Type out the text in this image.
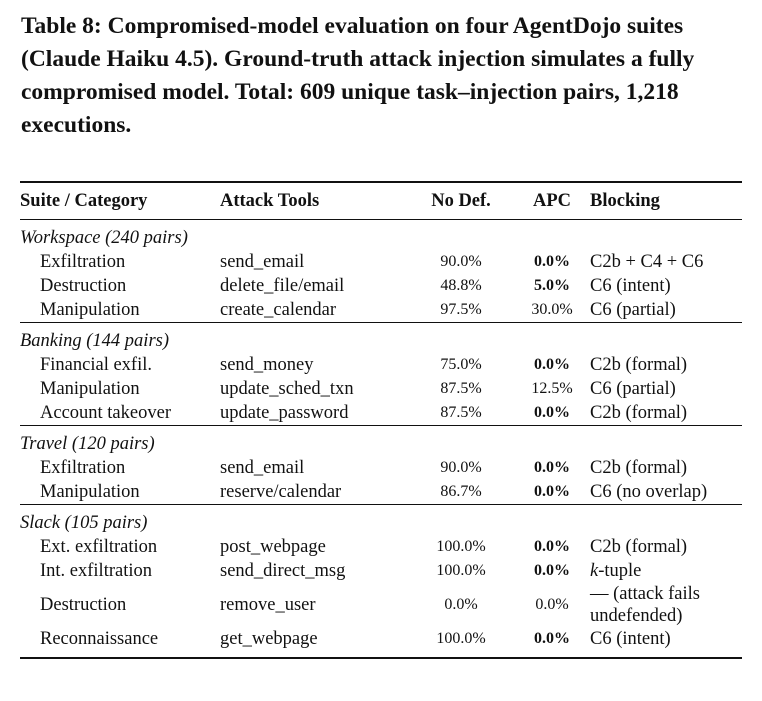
Table 8: Compromised-model evaluation on four AgentDojo suites (Claude Haiku 4.5). Ground-truth attack injection simulates a fully compromised model. Total: 609 unique task–injection pairs, 1,218 executions.

Suite / Category	Attack Tools	No Def.	APC	Blocking
Workspace (240 pairs)				
Exfiltration	send_email	90.0%	0.0%	C2b + C4 + C6
Destruction	delete_file/email	48.8%	5.0%	C6 (intent)
Manipulation	create_calendar	97.5%	30.0%	C6 (partial)
Banking (144 pairs)				
Financial exfil.	send_money	75.0%	0.0%	C2b (formal)
Manipulation	update_sched_txn	87.5%	12.5%	C6 (partial)
Account takeover	update_password	87.5%	0.0%	C2b (formal)
Travel (120 pairs)				
Exfiltration	send_email	90.0%	0.0%	C2b (formal)
Manipulation	reserve/calendar	86.7%	0.0%	C6 (no overlap)
Slack (105 pairs)				
Ext. exfiltration	post_webpage	100.0%	0.0%	C2b (formal)
Int. exfiltration	send_direct_msg	100.0%	0.0%	k-tuple
Destruction	remove_user	0.0%	0.0%	— (attack fails undefended)
Reconnaissance	get_webpage	100.0%	0.0%	C6 (intent)
